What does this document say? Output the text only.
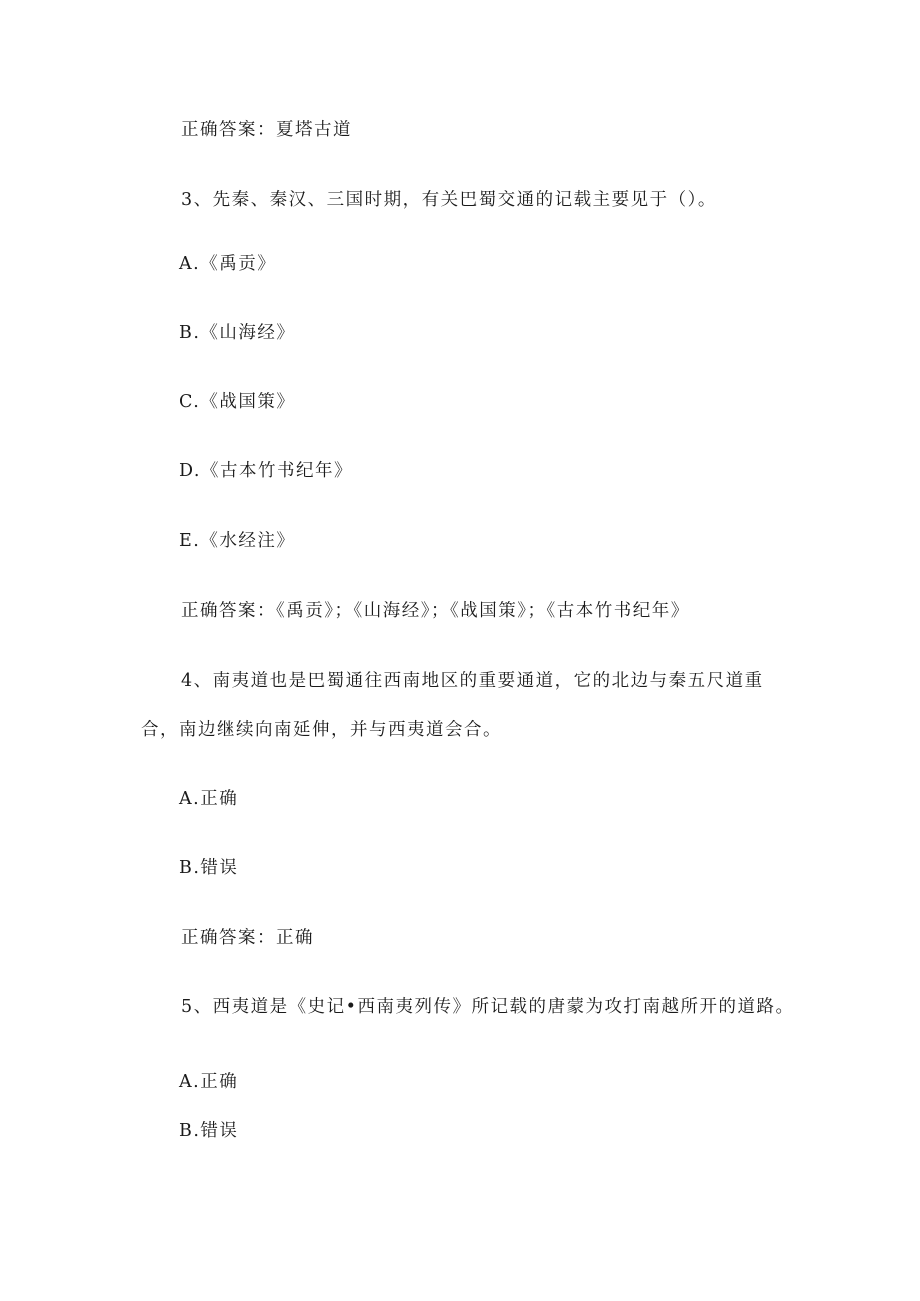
正确答案：夏塔古道
3、先秦、秦汉、三国时期，有关巴蜀交通的记载主要见于（）。
A.《禹贡》
B.《山海经》
C.《战国策》
D.《古本竹书纪年》
E.《水经注》
正确答案：《禹贡》；《山海经》；《战国策》；《古本竹书纪年》
4、南夷道也是巴蜀通往西南地区的重要通道，它的北边与秦五尺道重
合，南边继续向南延伸，并与西夷道会合。
A.正确
B.错误
正确答案：正确
5、西夷道是《史记•西南夷列传》所记载的唐蒙为攻打南越所开的道路。
A.正确
B.错误
